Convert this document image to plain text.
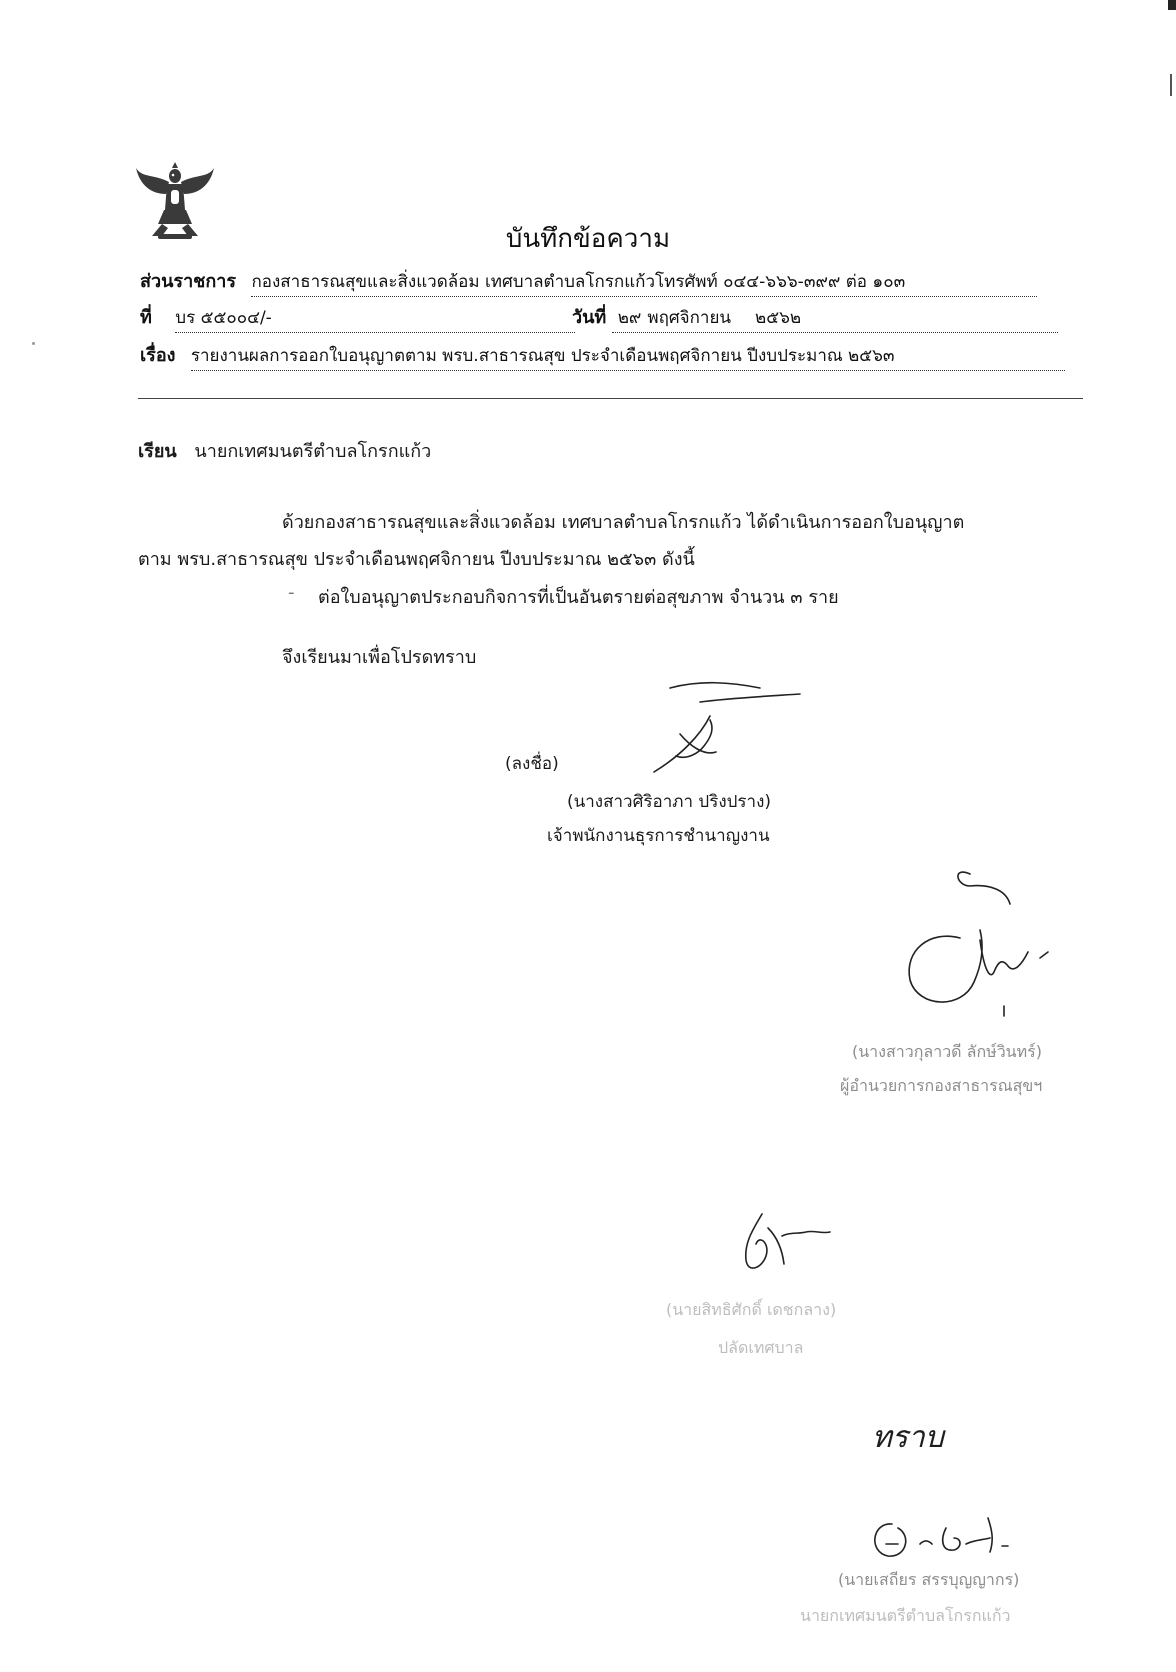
บันทึกข้อความ
ส่วนราชการ กองสาธารณสุขและสิ่งแวดล้อม เทศบาลตำบลโกรกแก้วโทรศัพท์ ๐๔๔-๖๖๖-๓๙๙ ต่อ ๑๐๓
ที่ บร ๕๕๐๐๔/-	วันที่ ๒๙ พฤศจิกายน ๒๕๖๒
เรื่อง รายงานผลการออกใบอนุญาตตาม พรบ.สาธารณสุข ประจำเดือนพฤศจิกายน ปีงบประมาณ ๒๕๖๓
เรียน นายกเทศมนตรีตำบลโกรกแก้ว
ด้วยกองสาธารณสุขและสิ่งแวดล้อม เทศบาลตำบลโกรกแก้ว ได้ดำเนินการออกใบอนุญาต
ตาม พรบ.สาธารณสุข ประจำเดือนพฤศจิกายน ปีงบประมาณ ๒๕๖๓ ดังนี้
- ต่อใบอนุญาตประกอบกิจการที่เป็นอันตรายต่อสุขภาพ จำนวน ๓ ราย
จึงเรียนมาเพื่อโปรดทราบ
(ลงชื่อ)
(นางสาวศิริอาภา ปริงปราง)
เจ้าพนักงานธุรการชำนาญงาน
(นางสาวกุลาวดี ลักษ์วินทร์)
ผู้อำนวยการกองสาธารณสุขฯ
(นายสิทธิศักดิ์ เดชกลาง)
ปลัดเทศบาล
ทราบ
(นายเสถียร สรรบุญญากร)
นายกเทศมนตรีตำบลโกรกแก้ว
